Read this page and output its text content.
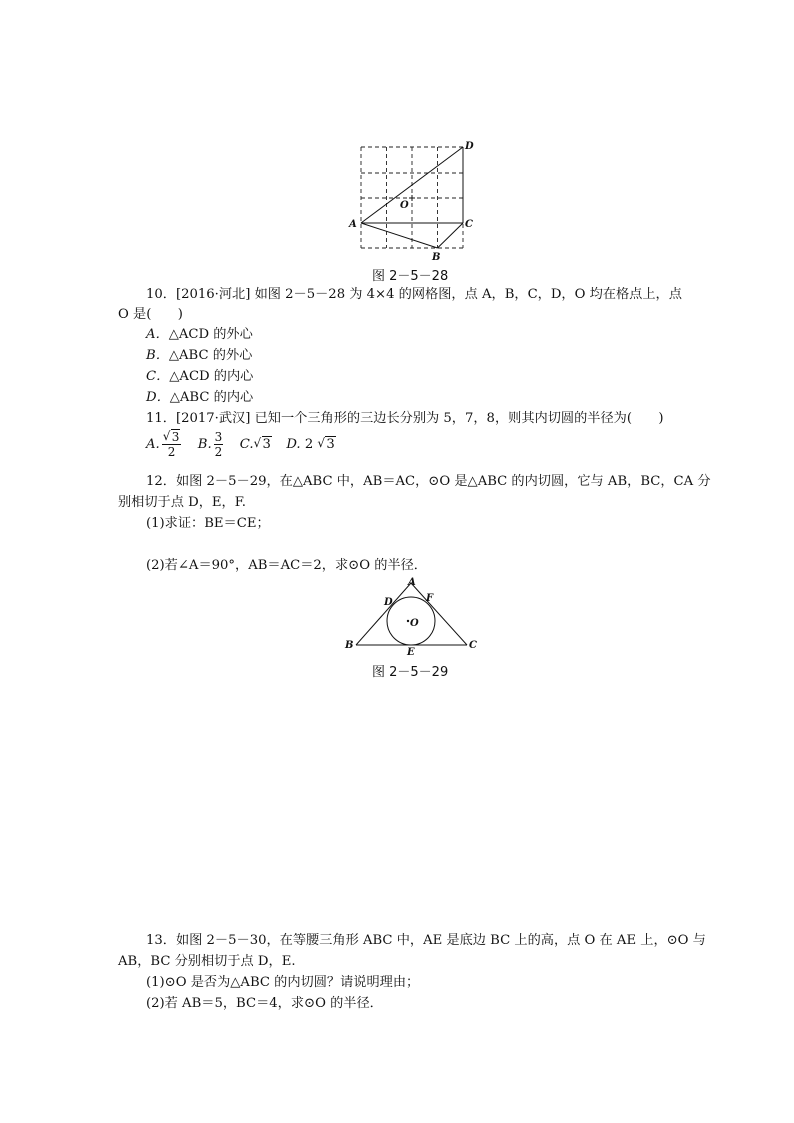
A
B
C
D
O
图 2－5－28
10．[2016·河北] 如图 2－5－28 为 4×4 的网格图，点 A，B，C，D，O 均在格点上，点
O 是(　　)
A．△ACD 的外心
B．△ABC 的外心
C．△ACD 的内心
D．△ABC 的内心
11．[2017·武汉] 已知一个三角形的三边长分别为 5，7，8，则其内切圆的半径为(　　)
A.
√ $\frac{3}{2} B$. $\frac{3}{2} C.√$ 3 D. 2 √ 3
12．如图 2－5－29，在△ABC 中，AB＝AC，⊙O 是△ABC 的内切圆，它与 AB，BC，CA 分
别相切于点 D，E，F.
(1)求证：BE＝CE；
(2)若∠A＝90°，AB＝AC＝2，求⊙O 的半径．
A
B	C
D
E
F
O
图 2－5－29
13．如图 2－5－30，在等腰三角形 ABC 中，AE 是底边 BC 上的高，点 O 在 AE 上，⊙O 与
AB，BC 分别相切于点 D，E.
(1)⊙O 是否为△ABC 的内切圆？请说明理由；
(2)若 AB＝5，BC＝4，求⊙O 的半径．
